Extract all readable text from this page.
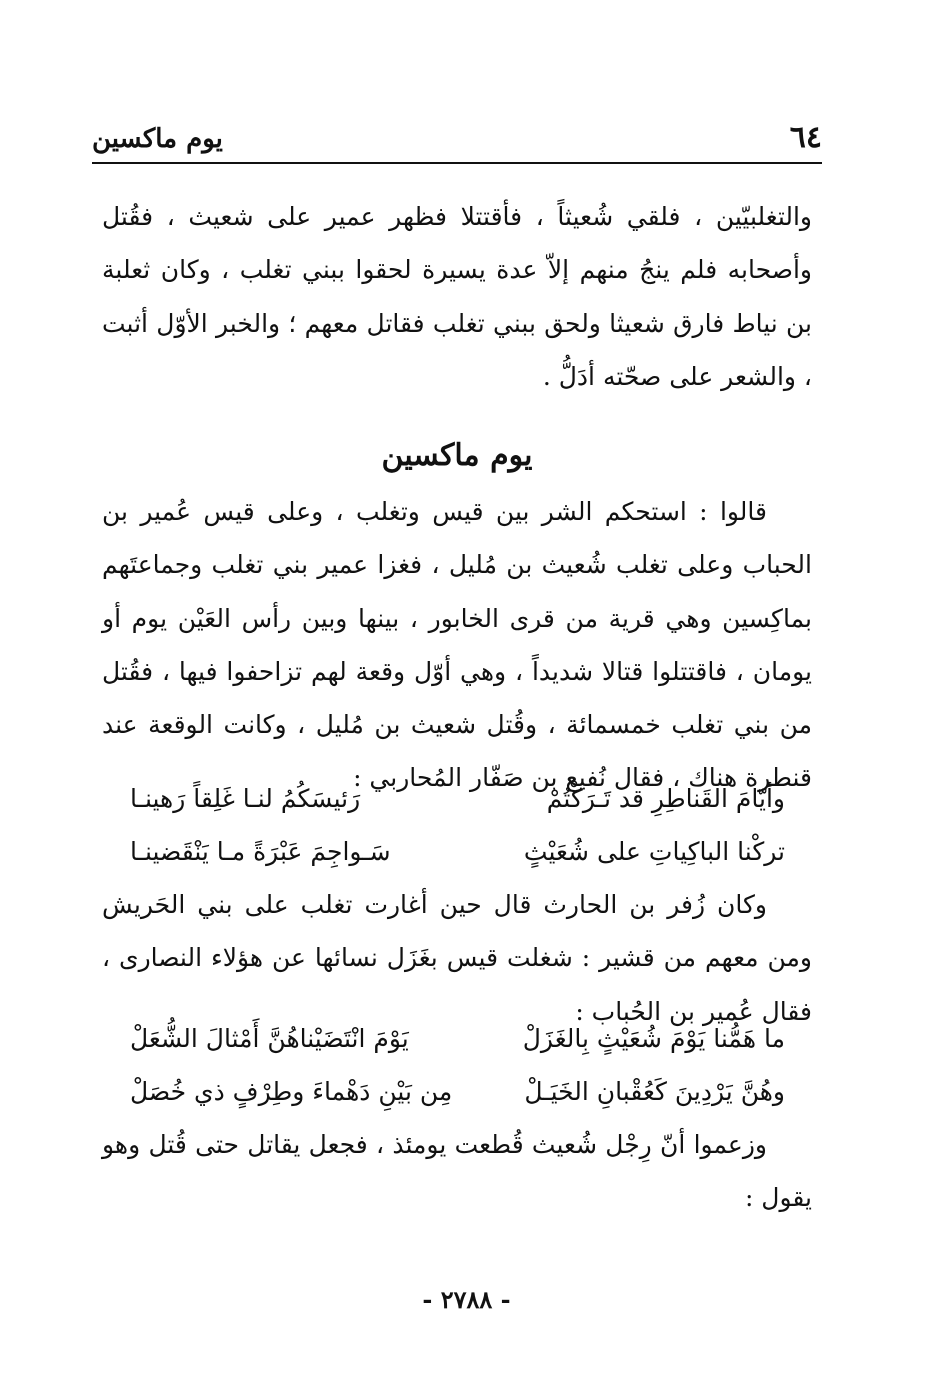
٦٤
يوم ماكسين

والتغلبيّين ، فلقي شُعيثاً ، فأقتتلا فظهر عمير على شعيث ، فقُتل وأصحابه فلم ينجُ منهم إلاّ عدة يسيرة لحقوا ببني تغلب ، وكان ثعلبة بن نياط فارق شعيثا ولحق ببني تغلب فقاتل معهم ؛ والخبر الأوّل أثبت ، والشعر على صحّته أدَلُّ .

يوم ماكسين

قالوا : استحكم الشر بين قيس وتغلب ، وعلى قيس عُمير بن الحباب وعلى تغلب شُعيث بن مُليل ، فغزا عمير بني تغلب وجماعتَهم بماكِسين وهي قرية من قرى الخابور ، بينها وبين رأس العَيْن يوم أو يومان ، فاقتتلوا قتالا شديداً ، وهي أوّل وقعة لهم تزاحفوا فيها ، فقُتل من بني تغلب خمسمائة ، وقُتل شعيث بن مُليل ، وكانت الوقعة عند قنطرة هناك ، فقال نُفيع بن صَفّار المُحاربي :

وأيّامَ القَناطِرِ قد تَـرَكْتُمْ
رَئيسَكُمُ لنـا غَلِقاً رَهينـا
تركْنا الباكِياتِ على شُعَيْثٍ
سَـواجِمَ عَبْرَةً مـا يَنْقَضينـا

وكان زُفر بن الحارث قال حين أغارت تغلب على بني الحَريش ومن معهم من قشير : شغلت قيس بغَزَل نسائها عن هؤلاء النصارى ، فقال عُمير بن الحُباب :

ما هَمُّنا يَوْمَ شُعَيْثٍ بِالغَزَلْ
يَوْمَ انْتَضَيْناهُنَّ أَمْثالَ الشُّعَلْ
وهُنَّ يَرْدِينَ كَعُقْبانِ الخَيَـلْ
مِن بَيْنِ دَهْماءَ وطِرْفٍ ذي خُصَلْ

وزعموا أنّ رِجْل شُعيث قُطعت يومئذ ، فجعل يقاتل حتى قُتل وهو يقول :

- ٢٧٨٨ -
